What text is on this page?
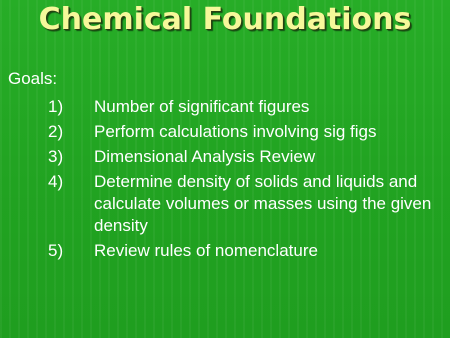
Chemical Foundations
Goals:
1)	Number of significant figures
2)	Perform calculations involving sig figs
3)	Dimensional Analysis Review
4)	Determine density of solids and liquids and calculate volumes or masses using the given density
5)	Review rules of nomenclature
